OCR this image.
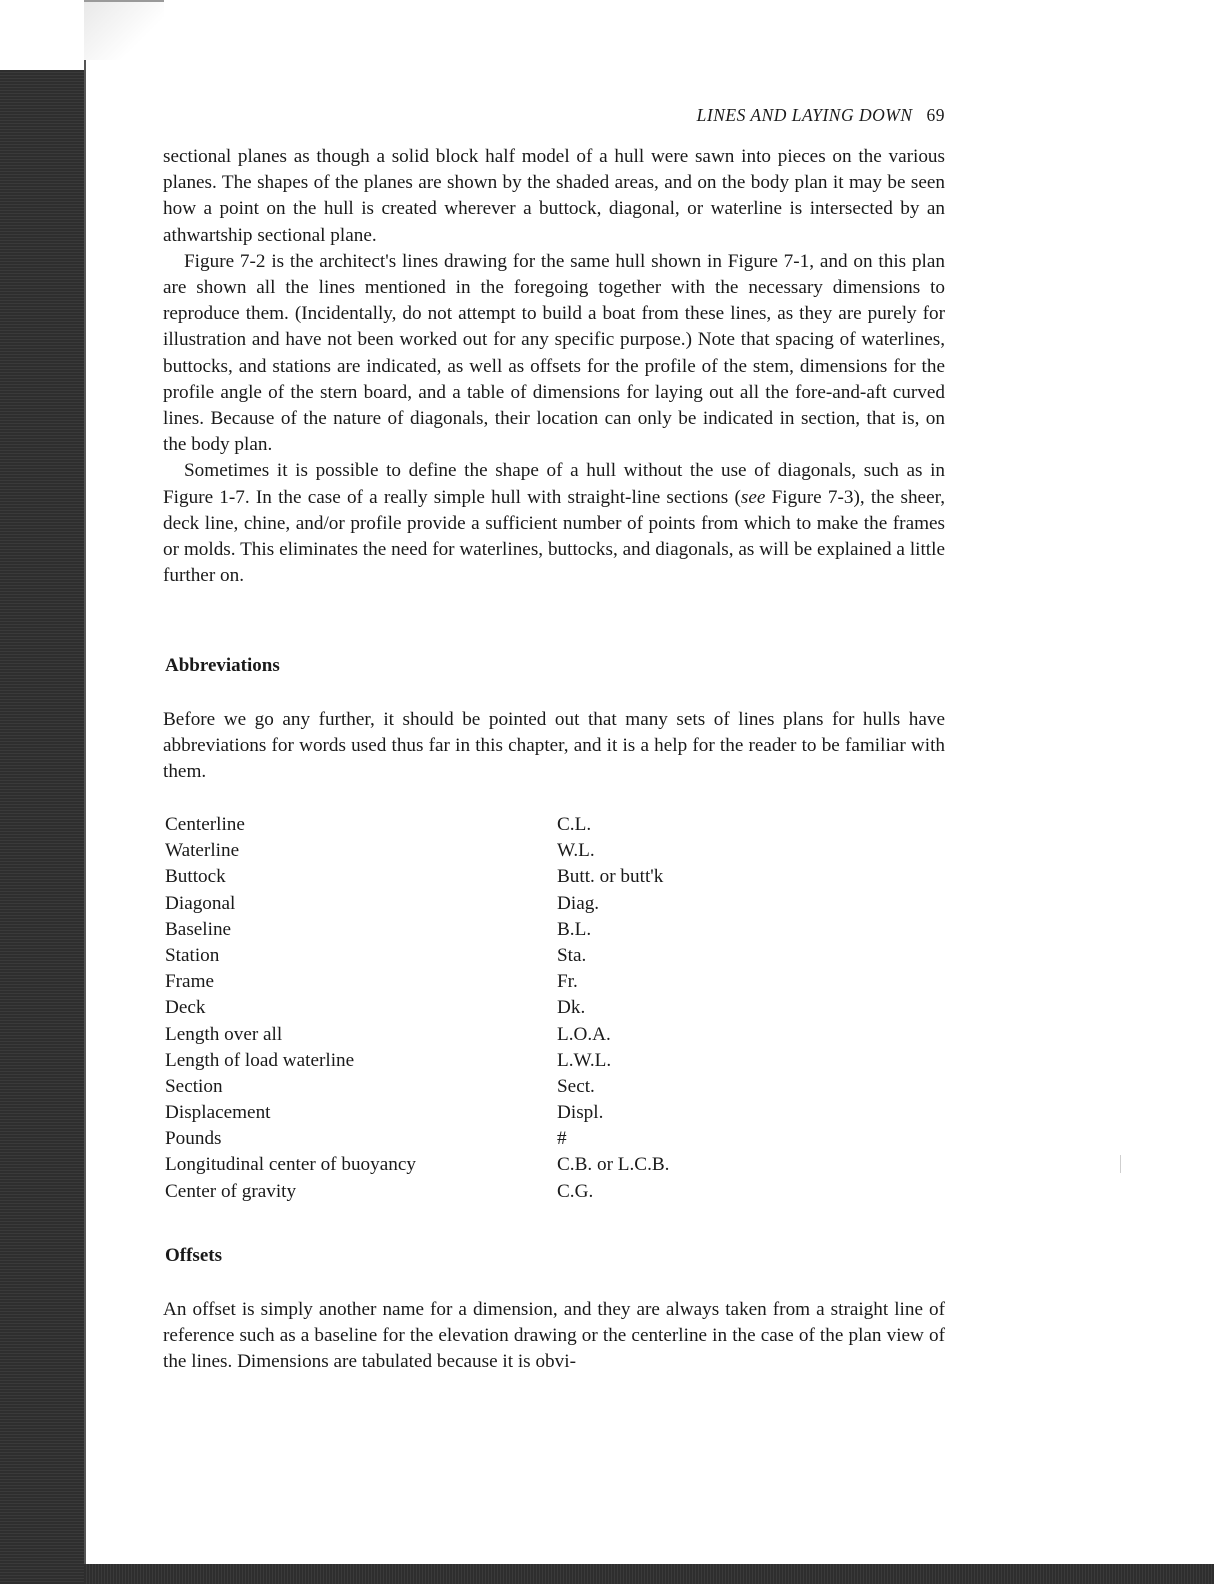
LINES AND LAYING DOWN 69

sectional planes as though a solid block half model of a hull were sawn into pieces on the various planes. The shapes of the planes are shown by the shaded areas, and on the body plan it may be seen how a point on the hull is created wherever a buttock, diagonal, or waterline is intersected by an athwartship sectional plane.

Figure 7-2 is the architect's lines drawing for the same hull shown in Figure 7-1, and on this plan are shown all the lines mentioned in the foregoing together with the necessary dimensions to reproduce them. (Incidentally, do not attempt to build a boat from these lines, as they are purely for illustration and have not been worked out for any specific purpose.) Note that spacing of waterlines, buttocks, and stations are indicated, as well as offsets for the profile of the stem, dimensions for the profile angle of the stern board, and a table of dimensions for laying out all the fore-and-aft curved lines. Because of the nature of diagonals, their location can only be indicated in section, that is, on the body plan.

Sometimes it is possible to define the shape of a hull without the use of diagonals, such as in Figure 1-7. In the case of a really simple hull with straight-line sections (see Figure 7-3), the sheer, deck line, chine, and/or profile provide a sufficient number of points from which to make the frames or molds. This eliminates the need for waterlines, buttocks, and diagonals, as will be explained a little further on.

Abbreviations

Before we go any further, it should be pointed out that many sets of lines plans for hulls have abbreviations for words used thus far in this chapter, and it is a help for the reader to be familiar with them.

Centerline	C.L.
Waterline	W.L.
Buttock	Butt. or butt'k
Diagonal	Diag.
Baseline	B.L.
Station	Sta.
Frame	Fr.
Deck	Dk.
Length over all	L.O.A.
Length of load waterline	L.W.L.
Section	Sect.
Displacement	Displ.
Pounds	#
Longitudinal center of buoyancy	C.B. or L.C.B.
Center of gravity	C.G.
Offsets

An offset is simply another name for a dimension, and they are always taken from a straight line of reference such as a baseline for the elevation drawing or the centerline in the case of the plan view of the lines. Dimensions are tabulated because it is obvi-
